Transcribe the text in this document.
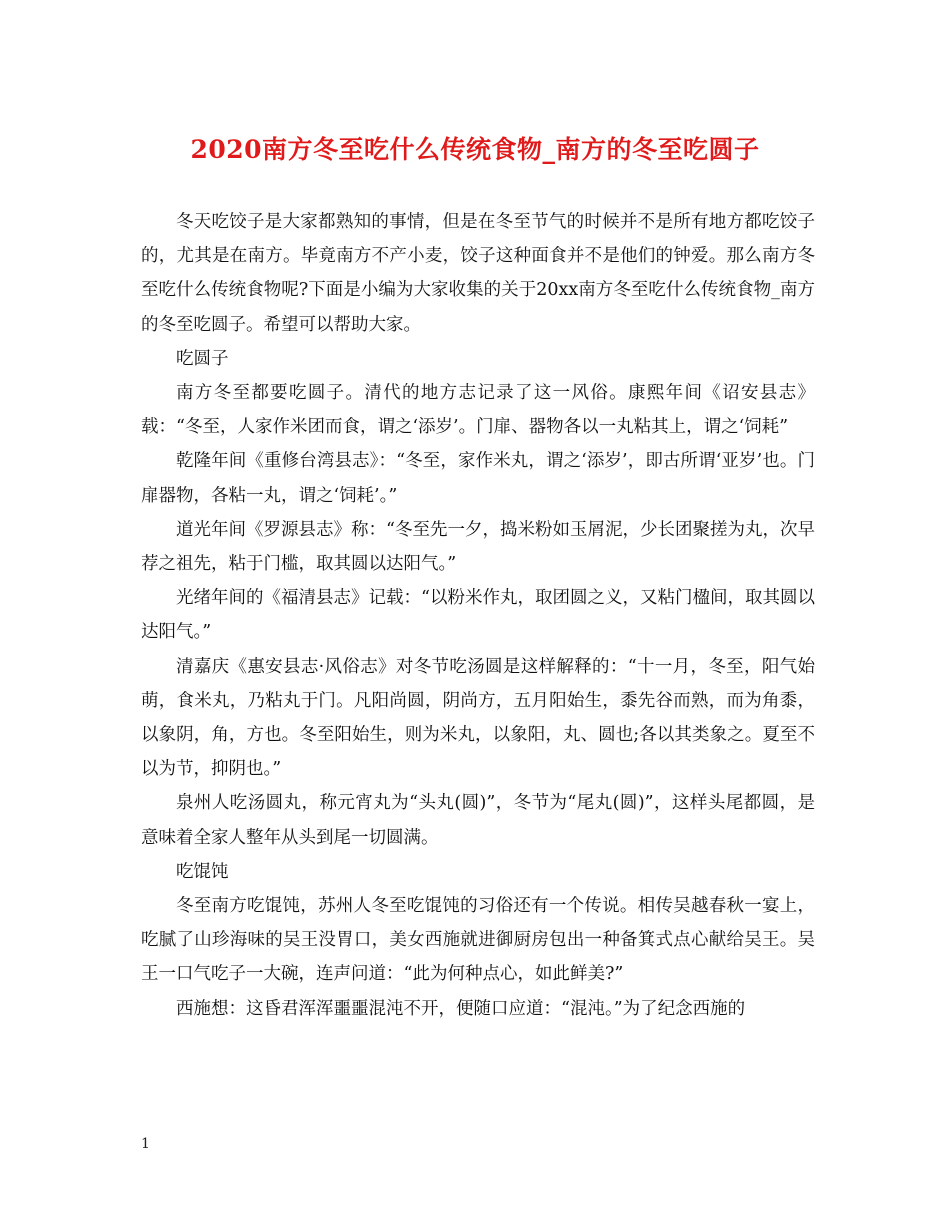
2020南方冬至吃什么传统食物_南方的冬至吃圆子

冬天吃饺子是大家都熟知的事情，但是在冬至节气的时候并不是所有地方都吃饺子的，尤其是在南方。毕竟南方不产小麦，饺子这种面食并不是他们的钟爱。那么南方冬至吃什么传统食物呢?下面是小编为大家收集的关于20xx南方冬至吃什么传统食物_南方的冬至吃圆子。希望可以帮助大家。

吃圆子

南方冬至都要吃圆子。清代的地方志记录了这一风俗。康熙年间《诏安县志》载：“冬至，人家作米团而食，谓之‘添岁’。门扉、器物各以一丸粘其上，谓之‘饲耗”

乾隆年间《重修台湾县志》：“冬至，家作米丸，谓之‘添岁’，即古所谓‘亚岁’也。门扉器物，各粘一丸，谓之‘饲耗’。”

道光年间《罗源县志》称：“冬至先一夕，捣米粉如玉屑泥，少长团聚搓为丸，次早荐之祖先，粘于门槛，取其圆以达阳气。”

光绪年间的《福清县志》记载：“以粉米作丸，取团圆之义，又粘门楹间，取其圆以达阳气。”

清嘉庆《惠安县志·风俗志》对冬节吃汤圆是这样解释的：“十一月，冬至，阳气始萌，食米丸，乃粘丸于门。凡阳尚圆，阴尚方，五月阳始生，黍先谷而熟，而为角黍，以象阴，角，方也。冬至阳始生，则为米丸，以象阳，丸、圆也;各以其类象之。夏至不以为节，抑阴也。”

泉州人吃汤圆丸，称元宵丸为“头丸(圆)”，冬节为“尾丸(圆)”，这样头尾都圆，是意味着全家人整年从头到尾一切圆满。

吃馄饨

冬至南方吃馄饨，苏州人冬至吃馄饨的习俗还有一个传说。相传吴越春秋一宴上，吃腻了山珍海味的吴王没胃口，美女西施就进御厨房包出一种备箕式点心献给吴王。吴王一口气吃子一大碗，连声问道：“此为何种点心，如此鲜美?”

西施想：这昏君浑浑噩噩混沌不开，便随口应道：“混沌。”为了纪念西施的

1
